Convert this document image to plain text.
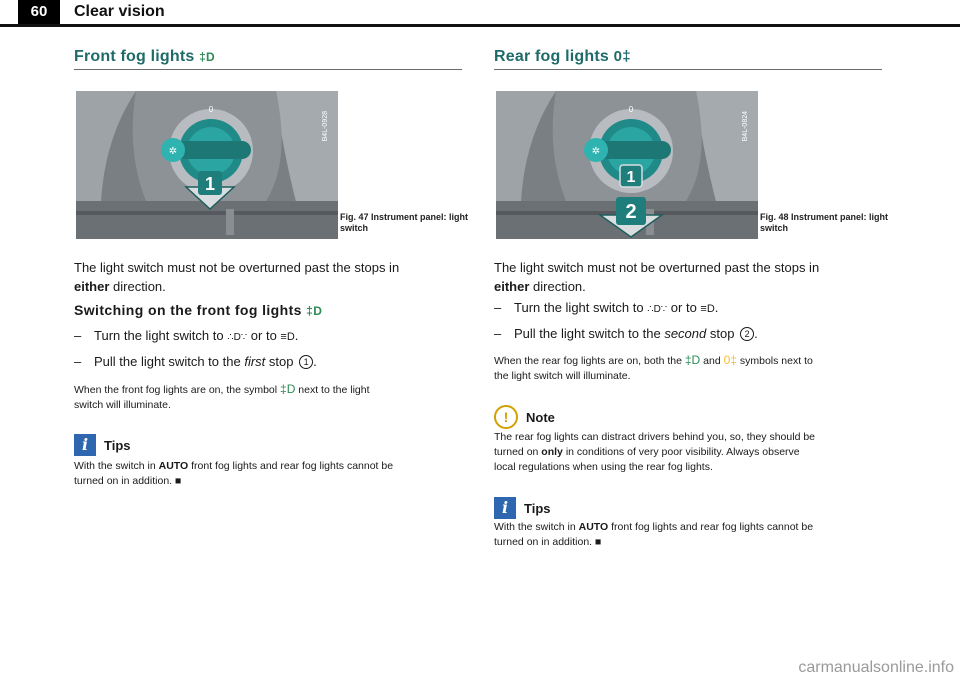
60	Clear vision
Front fog lights ‡D
✲
0
B4L-0928
1
Fig. 47 Instrument panel: light switch

The light switch must not be overturned past the stops in
either direction.

Switching on the front fog lights ‡D
– Turn the light switch to ∴D∵ or to ≡D.
– Pull the light switch to the first stop 1 .

When the front fog lights are on, the symbol ‡D next to the light
switch will illuminate.

i	Tips

With the switch in AUTO front fog lights and rear fog lights cannot be
turned on in addition. ■

Rear fog lights 0‡
✲
0
B4L-0824
1
2	Fig. 48 Instrument panel: light switch

The light switch must not be overturned past the stops in
either direction.

– Turn the light switch to ∴D∵ or to ≡D.
– Pull the light switch to the second stop 2 .

When the rear fog lights are on, both the ‡D and 0‡ symbols next to
the light switch will illuminate.

!	Note

The rear fog lights can distract drivers behind you, so, they should be
turned on only in conditions of very poor visibility. Always observe
local regulations when using the rear fog lights.

i	Tips

With the switch in AUTO front fog lights and rear fog lights cannot be
turned on in addition. ■

carmanualsonline.info
